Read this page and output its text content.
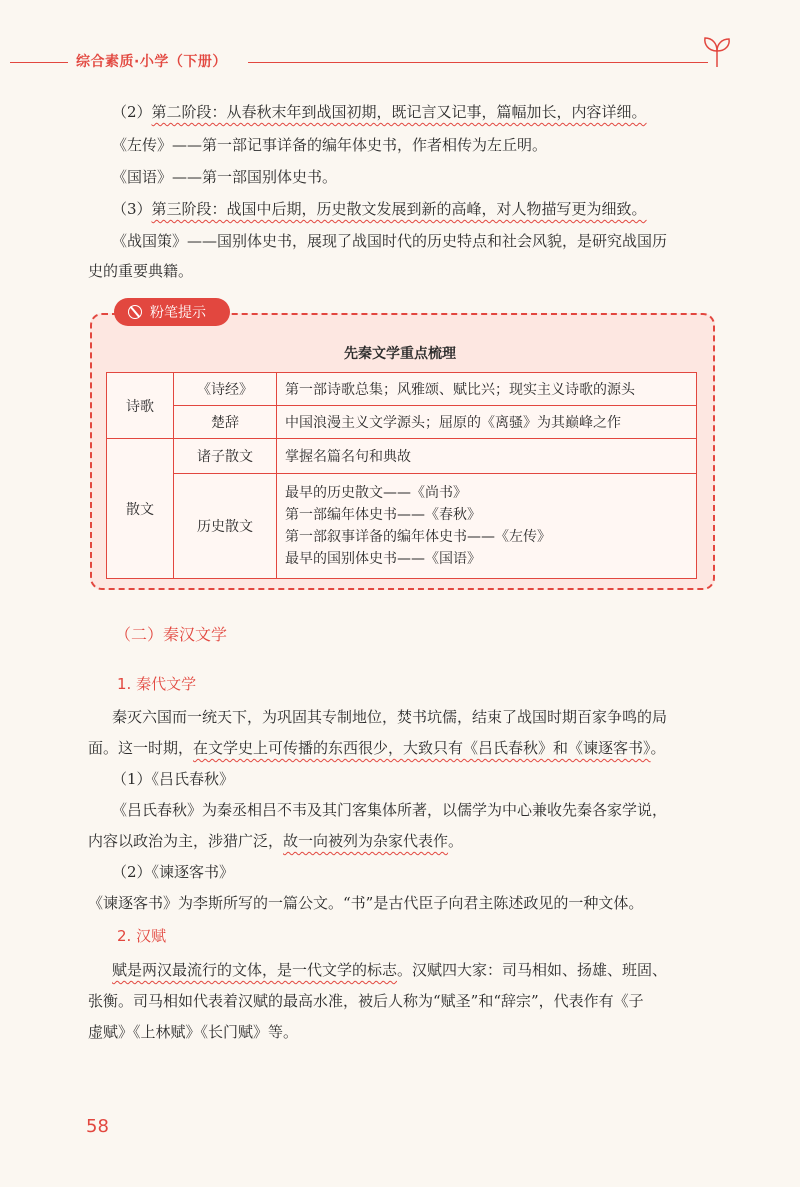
综合素质·小学（下册）
（2）第二阶段：从春秋末年到战国初期，既记言又记事，篇幅加长，内容详细。
《左传》——第一部记事详备的编年体史书，作者相传为左丘明。
《国语》——第一部国别体史书。
（3）第三阶段：战国中后期，历史散文发展到新的高峰，对人物描写更为细致。
《战国策》——国别体史书，展现了战国时代的历史特点和社会风貌，是研究战国历
史的重要典籍。
粉笔提示
先秦文学重点梳理
诗歌	《诗经》	第一部诗歌总集；风雅颂、赋比兴；现实主义诗歌的源头
	楚辞	中国浪漫主义文学源头；屈原的《离骚》为其巅峰之作
散文	诸子散文	掌握名篇名句和典故
	历史散文	最早的历史散文——《尚书》
第一部编年体史书——《春秋》
第一部叙事详备的编年体史书——《左传》
最早的国别体史书——《国语》
（二）秦汉文学
1. 秦代文学
秦灭六国而一统天下，为巩固其专制地位，焚书坑儒，结束了战国时期百家争鸣的局
面。这一时期，在文学史上可传播的东西很少，大致只有《吕氏春秋》和《谏逐客书》。
（1）《吕氏春秋》
《吕氏春秋》为秦丞相吕不韦及其门客集体所著，以儒学为中心兼收先秦各家学说，
内容以政治为主，涉猎广泛，故一向被列为杂家代表作。
（2）《谏逐客书》
《谏逐客书》为李斯所写的一篇公文。“书”是古代臣子向君主陈述政见的一种文体。
2. 汉赋
赋是两汉最流行的文体，是一代文学的标志。汉赋四大家：司马相如、扬雄、班固、
张衡。司马相如代表着汉赋的最高水准，被后人称为“赋圣”和“辞宗”，代表作有《子
虚赋》《上林赋》《长门赋》等。
58
